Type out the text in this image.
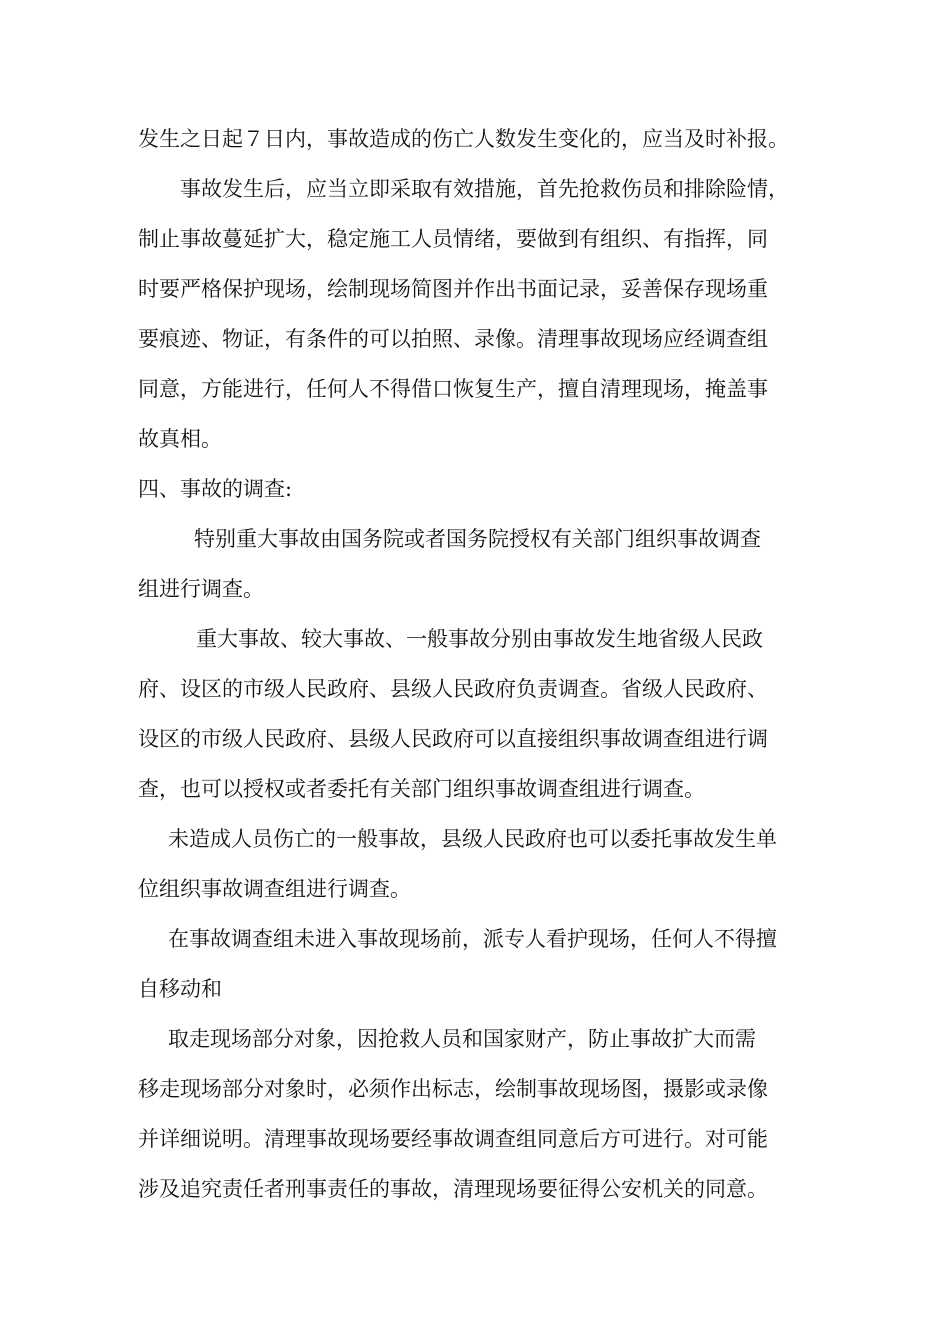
发生之日起７日内，事故造成的伤亡人数发生变化的，应当及时补报。

事故发生后，应当立即采取有效措施，首先抢救伤员和排除险情，

制止事故蔓延扩大，稳定施工人员情绪，要做到有组织、有指挥，同

时要严格保护现场，绘制现场简图并作出书面记录，妥善保存现场重

要痕迹、物证，有条件的可以拍照、录像。清理事故现场应经调查组

同意，方能进行，任何人不得借口恢复生产，擅自清理现场，掩盖事

故真相。

四、事故的调查:

特别重大事故由国务院或者国务院授权有关部门组织事故调查

组进行调查。

重大事故、较大事故、一般事故分别由事故发生地省级人民政

府、设区的市级人民政府、县级人民政府负责调查。省级人民政府、

设区的市级人民政府、县级人民政府可以直接组织事故调查组进行调

查，也可以授权或者委托有关部门组织事故调查组进行调查。

未造成人员伤亡的一般事故，县级人民政府也可以委托事故发生单

位组织事故调查组进行调查。

在事故调查组未进入事故现场前，派专人看护现场，任何人不得擅

自移动和

取走现场部分对象，因抢救人员和国家财产，防止事故扩大而需

移走现场部分对象时，必须作出标志，绘制事故现场图，摄影或录像

并详细说明。清理事故现场要经事故调查组同意后方可进行。对可能

涉及追究责任者刑事责任的事故，清理现场要征得公安机关的同意。
